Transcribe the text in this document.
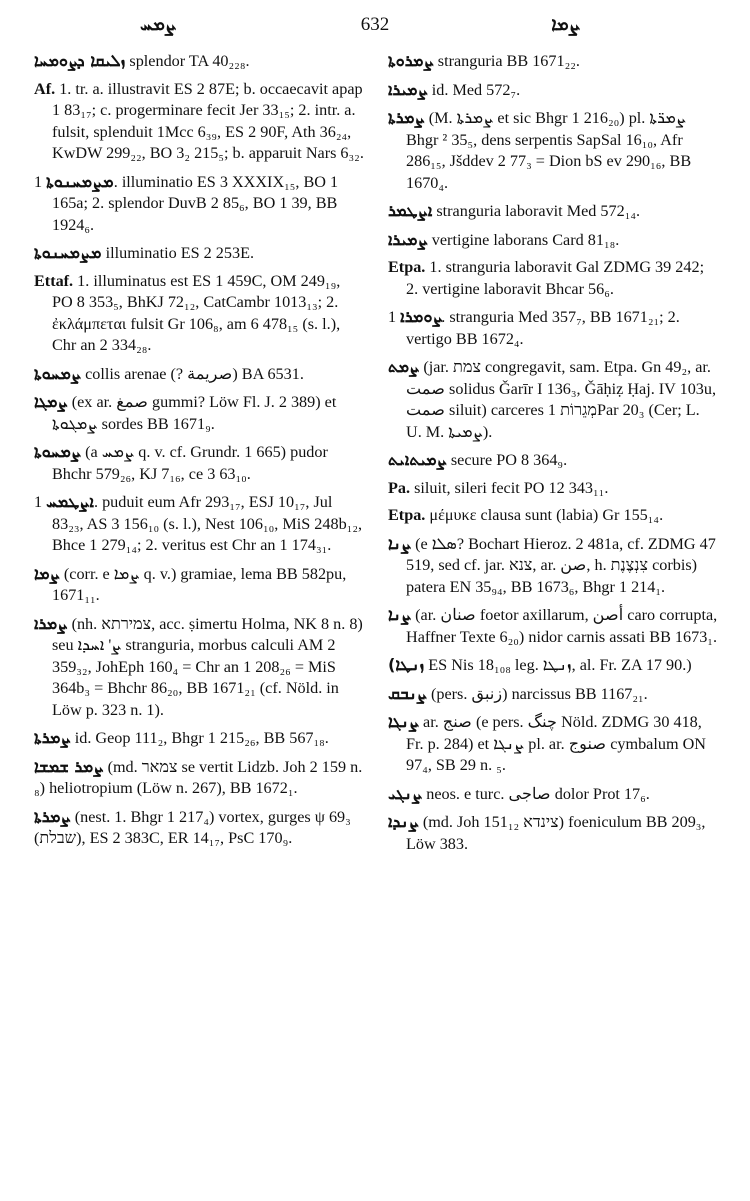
ܨܡܚ	632	ܨܡܐ

ܙܠܝܩܐ ܕܨܘܡܚܐ splendor TA 40₂₂₈.

Af. 1. tr. a. illustravit ES 2 87E; b. occaecavit apap 1 83₁₇; c. progerminare fecit Jer 33₁₅; 2. intr. a. fulsit, splenduit 1Mcc 6₃₉, ES 2 90F, Ath 36₂₄, KwDW 299₂₂, BO 3₂ 215₅; b. apparuit Nars 6₃₂.

ܡܨܡܚܢܘܬܐ 1. illuminatio ES 3 XXXIX₁₅, BO 1 165a; 2. splendor DuvB 2 85₆, BO 1 39, BB 1924₆.

ܡܨܡܚܢܘܬܐ illuminatio ES 2 253E.

Ettaf. 1. illuminatus est ES 1 459C, OM 249₁₉, PO 8 353₅, BhKJ 72₁₂, CatCambr 1013₁₃; 2. ἐκλάμπεται fulsit Gr 106₈, am 6 478₁₅ (s. l.), Chr an 2 334₂₈.

ܨܡܚܘܬܐ collis arenae (? صريمة) BA 6531.

ܨܡܓܐ (ex ar. صمغ gummi? Löw Fl. J. 2 389) et ܨܡܓܘܬܐ sordes BB 1671₉.

ܨܡܚܘܬܐ (a ܨܡܚ q. v. cf. Grundr. 1 665) pudor Bhchr 579₂₆, KJ 7₁₆, ce 3 63₁₀.

ܐܨܛܡܚ 1. puduit eum Afr 293₁₇, ESJ 10₁₇, Jul 83₂₃, AS 3 156₁₀ (s. l.), Nest 106₁₀, MiS 248b₁₂, Bhce 1 279₁₄; 2. veritus est Chr an 1 174₃₁.

ܨܡܐ (corr. e ܨܡܐ q. v.) gramiae, lema BB 582pu, 1671₁₁.

ܨܡܪܐ (nh. צמירתא, acc. ṣimertu Holma, NK 8 n. 8) seu ܨ' ܐܚܕܐ stranguria, morbus calculi AM 2 359₃₂, JohEph 160₄ = Chr an 1 208₂₆ = MiS 364b₃ = Bhchr 86₂₀, BB 1671₂₁ (cf. Nöld. in Löw p. 323 n. 1).

ܨܡܪܬܐ id. Geop 111₂, Bhgr 1 215₂₆, BB 567₁₈.

ܨܡܪ ܫܡܫܐ (md. צמאר se vertit Lidzb. Joh 2 159 n. ₈) heliotropium (Löw n. 267), BB 1672₁.

ܨܡܪܬܐ (nest. 1. Bhgr 1 217₄) vortex, gurges ψ 69₃ (שבלת), ES 2 383C, ER 14₁₇, PsC 170₉.

ܨܡܪܘܬܐ stranguria BB 1671₂₂.

ܨܡܝܪܐ id. Med 572₇.

ܨܡܪܬܐ (M. ܨܡܪܬܐ et sic Bhgr 1 216₂₀) pl. ܨܡܪ̈ܬܐ Bhgr ² 35₅, dens serpentis SapSal 16₁₀, Afr 286₁₅, Jšddev 2 77₃ = Dion bS ev 290₁₆, BB 1670₄.

ܐܨܛܡܪ stranguria laboravit Med 572₁₄.

ܨܡܝܪܐ vertigine laborans Card 81₁₈.

Etpa. 1. stranguria laboravit Gal ZDMG 39 242; 2. vertigine laboravit Bhcar 56₆.

ܨܘܡܪܐ 1. stranguria Med 357₇, BB 1671₂₁; 2. vertigo BB 1672₄.

ܨܡܬ (jar. צמת congregavit, sam. Etpa. Gn 49₂, ar. صمت solidus Ǧarīr I 136₃, Ǧāḥiẓ Ḥaj. IV 103u, صمت siluit) carceres מְגֵרוֹת 1Par 20₃ (Cer; L. U. M. ܨܡܝܬܐ).

ܨܡܝܬܐܝܬ secure PO 8 364₉.

Pa. siluit, sileri fecit PO 12 343₁₁.

Etpa. μέμυκε clausa sunt (labia) Gr 155₁₄.

ܨܢܐ (e ܣܠܐ? Bochart Hieroz. 2 481a, cf. ZDMG 47 519, sed cf. jar. צנא, ar. صن, h. צִנְצֶנֶת corbis) patera EN 35₉₄, BB 1673₆, Bhgr 1 214₁.

ܨܢܐ (ar. صنان foetor axillarum, أصن caro corrupta, Haffner Texte 6₂₀) nidor carnis assati BB 1673₁.

(ܙܢܛܐ ES Nis 18₁₀₈ leg. ܙܢܛܐ, al. Fr. ZA 17 90.)

ܨܢܒܩ (pers. زنبق) narcissus BB 1167₂₁.

ܨܢܓܐ ar. صنج (e pers. چنگ Nöld. ZDMG 30 418, Fr. p. 284) et ܨܢܓܐ pl. ar. صنوج cymbalum ON 97₄, SB 29 n. ₅.

ܨܢܓܝ neos. e turc. صاجی dolor Prot 17₆.

ܨܢܕܐ (md. Joh 151₁₂ צינדא) foeniculum BB 209₃, Löw 383.
